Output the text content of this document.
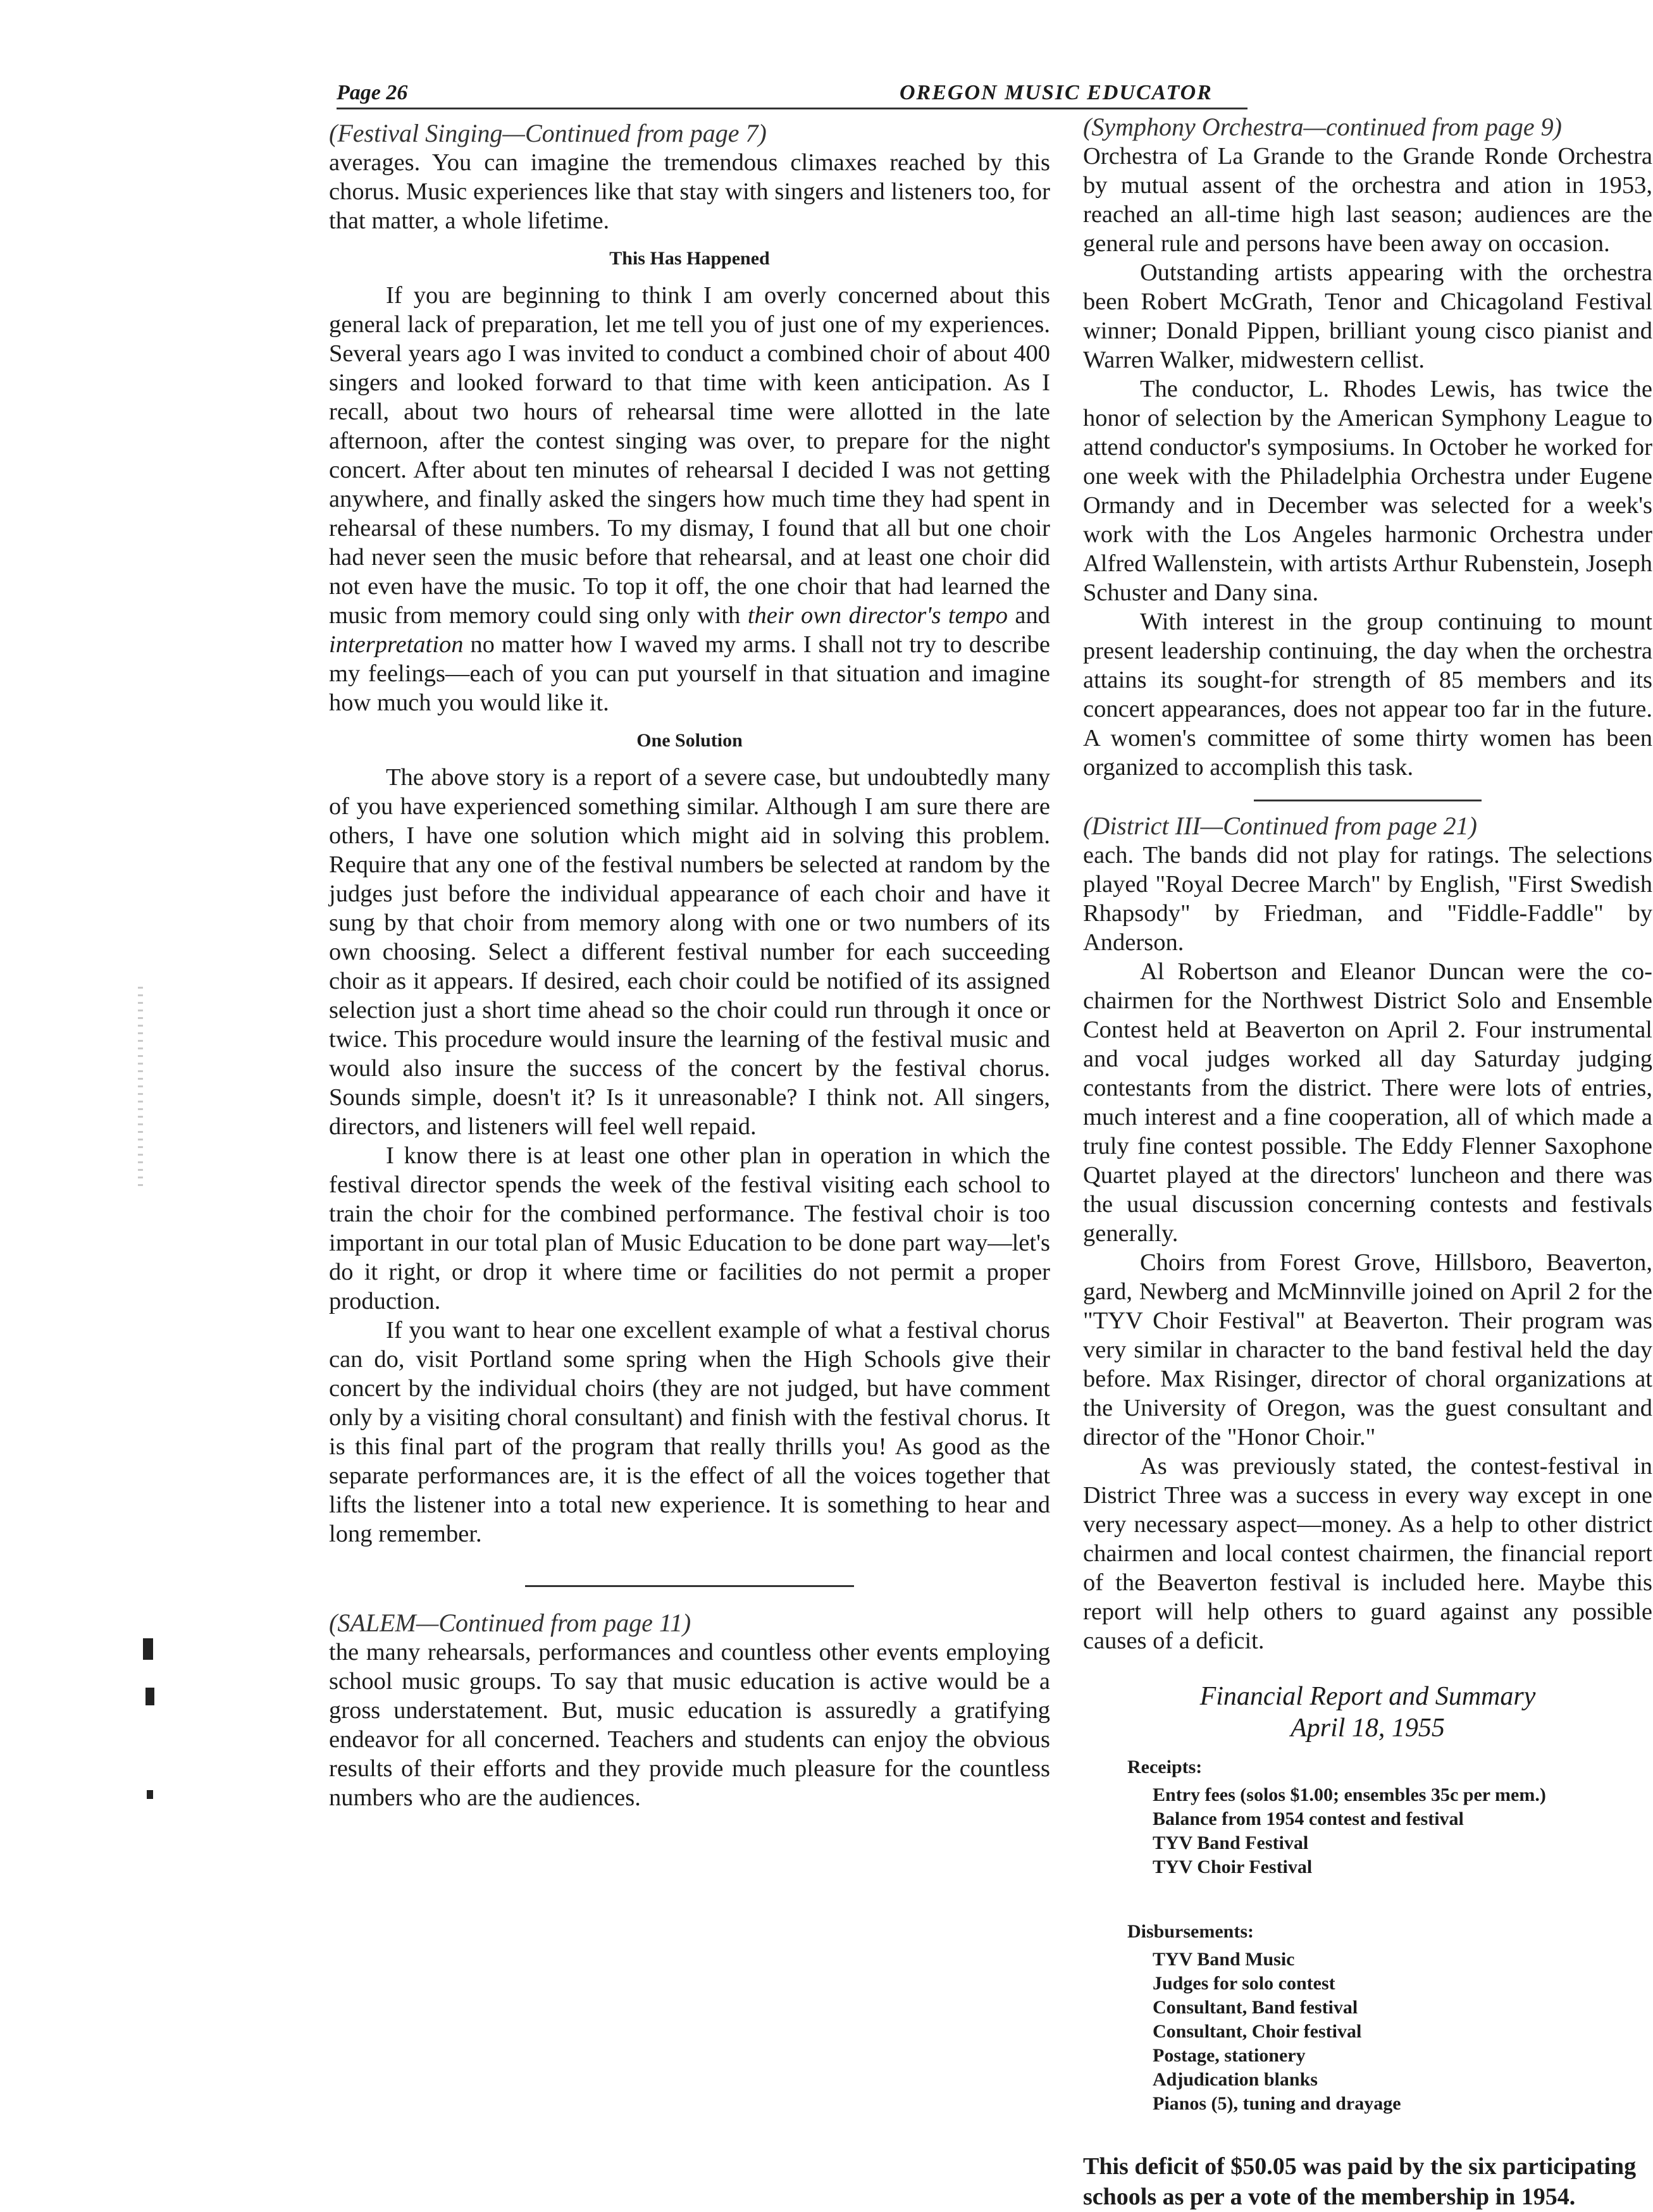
Page 26	OREGON MUSIC EDUCATOR

(Festival Singing—Continued from page 7)

averages. You can imagine the tremendous climaxes reached by this chorus. Music experiences like that stay with singers and listeners too, for that matter, a whole lifetime.

This Has Happened

If you are beginning to think I am overly concerned about this general lack of preparation, let me tell you of just one of my experiences. Several years ago I was invited to conduct a combined choir of about 400 singers and looked forward to that time with keen anticipation. As I recall, about two hours of rehearsal time were allotted in the late afternoon, after the contest singing was over, to prepare for the night concert. After about ten minutes of rehearsal I decided I was not getting anywhere, and finally asked the singers how much time they had spent in rehearsal of these numbers. To my dismay, I found that all but one choir had never seen the music before that rehearsal, and at least one choir did not even have the music. To top it off, the one choir that had learned the music from memory could sing only with their own director's tempo and interpretation no matter how I waved my arms. I shall not try to describe my feelings—each of you can put yourself in that situation and imagine how much you would like it.

One Solution

The above story is a report of a severe case, but undoubtedly many of you have experienced something similar. Although I am sure there are others, I have one solution which might aid in solving this problem. Require that any one of the festival numbers be selected at random by the judges just before the individual appearance of each choir and have it sung by that choir from memory along with one or two numbers of its own choosing. Select a different festival number for each succeeding choir as it appears. If desired, each choir could be notified of its assigned selection just a short time ahead so the choir could run through it once or twice. This procedure would insure the learning of the festival music and would also insure the success of the concert by the festival chorus. Sounds simple, doesn't it? Is it unreasonable? I think not. All singers, directors, and listeners will feel well repaid.

I know there is at least one other plan in operation in which the festival director spends the week of the festival visiting each school to train the choir for the combined performance. The festival choir is too important in our total plan of Music Education to be done part way—let's do it right, or drop it where time or facilities do not permit a proper production.

If you want to hear one excellent example of what a festival chorus can do, visit Portland some spring when the High Schools give their concert by the individual choirs (they are not judged, but have comment only by a visiting choral consultant) and finish with the festival chorus. It is this final part of the program that really thrills you! As good as the separate performances are, it is the effect of all the voices together that lifts the listener into a total new experience. It is something to hear and long remember.

(SALEM—Continued from page 11)

the many rehearsals, performances and countless other events employing school music groups. To say that music education is active would be a gross understatement. But, music education is assuredly a gratifying endeavor for all concerned. Teachers and students can enjoy the obvious results of their efforts and they provide much pleasure for the countless numbers who are the audiences.

(Symphony Orchestra—continued from page 9)

Orchestra of La Grande to the Grande Ronde Orchestra by mutual assent of the orchestra and ation in 1953, reached an all-time high last season; audiences are the general rule and persons have been away on occasion.

Outstanding artists appearing with the orchestra been Robert McGrath, Tenor and Chicagoland Festival winner; Donald Pippen, brilliant young cisco pianist and Warren Walker, midwestern cellist.

The conductor, L. Rhodes Lewis, has twice the honor of selection by the American Symphony League to attend conductor's symposiums. In October he worked for one week with the Philadelphia Orchestra under Eugene Ormandy and in December was selected for a week's work with the Los Angeles harmonic Orchestra under Alfred Wallenstein, with artists Arthur Rubenstein, Joseph Schuster and Dany sina.

With interest in the group continuing to mount present leadership continuing, the day when the orchestra attains its sought-for strength of 85 members and its concert appearances, does not appear too far in the future. A women's committee of some thirty women has been organized to accomplish this task.

(District III—Continued from page 21)

each. The bands did not play for ratings. The selections played "Royal Decree March" by English, "First Swedish Rhapsody" by Friedman, and "Fiddle-Faddle" by Anderson.

Al Robertson and Eleanor Duncan were the co-chairmen for the Northwest District Solo and Ensemble Contest held at Beaverton on April 2. Four instrumental and vocal judges worked all day Saturday judging contestants from the district. There were lots of entries, much interest and a fine cooperation, all of which made a truly fine contest possible. The Eddy Flenner Saxophone Quartet played at the directors' luncheon and there was the usual discussion concerning contests and festivals generally.

Choirs from Forest Grove, Hillsboro, Beaverton, gard, Newberg and McMinnville joined on April 2 for the "TYV Choir Festival" at Beaverton. Their program was very similar in character to the band festival held the day before. Max Risinger, director of choral organizations at the University of Oregon, was the guest consultant and director of the "Honor Choir."

As was previously stated, the contest-festival in District Three was a success in every way except in one very necessary aspect—money. As a help to other district chairmen and local contest chairmen, the financial report of the Beaverton festival is included here. Maybe this report will help others to guard against any possible causes of a deficit.

Financial Report and Summary
April 18, 1955
Receipts:
Entry fees (solos $1.00; ensembles 35c per mem.)
Balance from 1954 contest and festival
TYV Band Festival
TYV Choir Festival
Disbursements:
TYV Band Music
Judges for solo contest
Consultant, Band festival
Consultant, Choir festival
Postage, stationery
Adjudication blanks
Pianos (5), tuning and drayage

This deficit of $50.05 was paid by the six participating schools as per a vote of the membership in 1954.
